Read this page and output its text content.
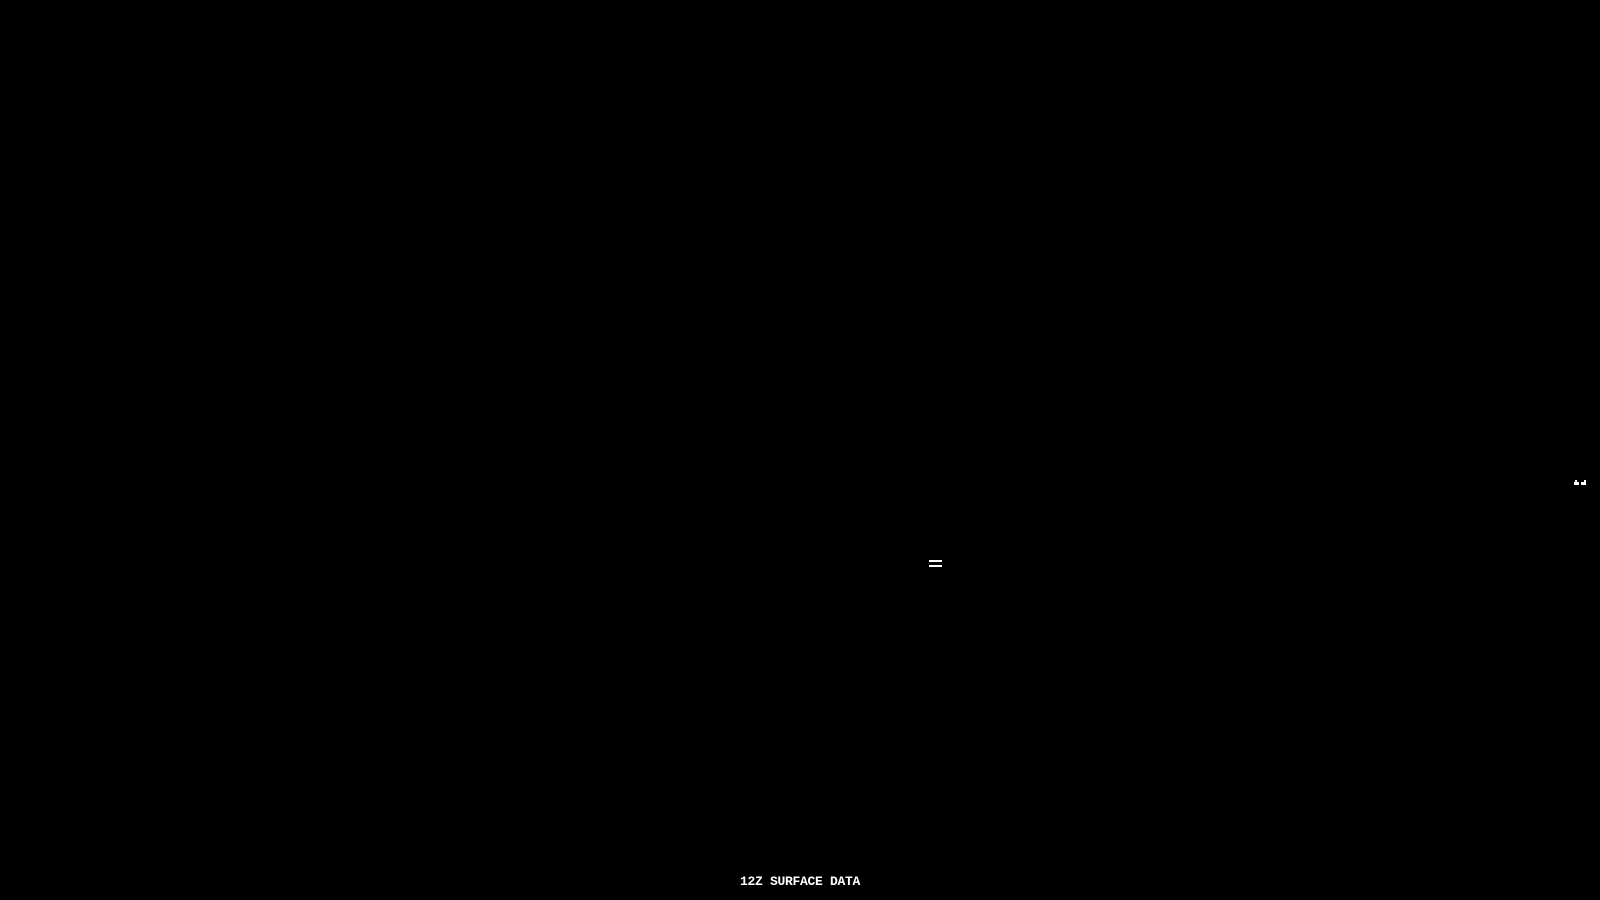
12Z SURFACE DATA
